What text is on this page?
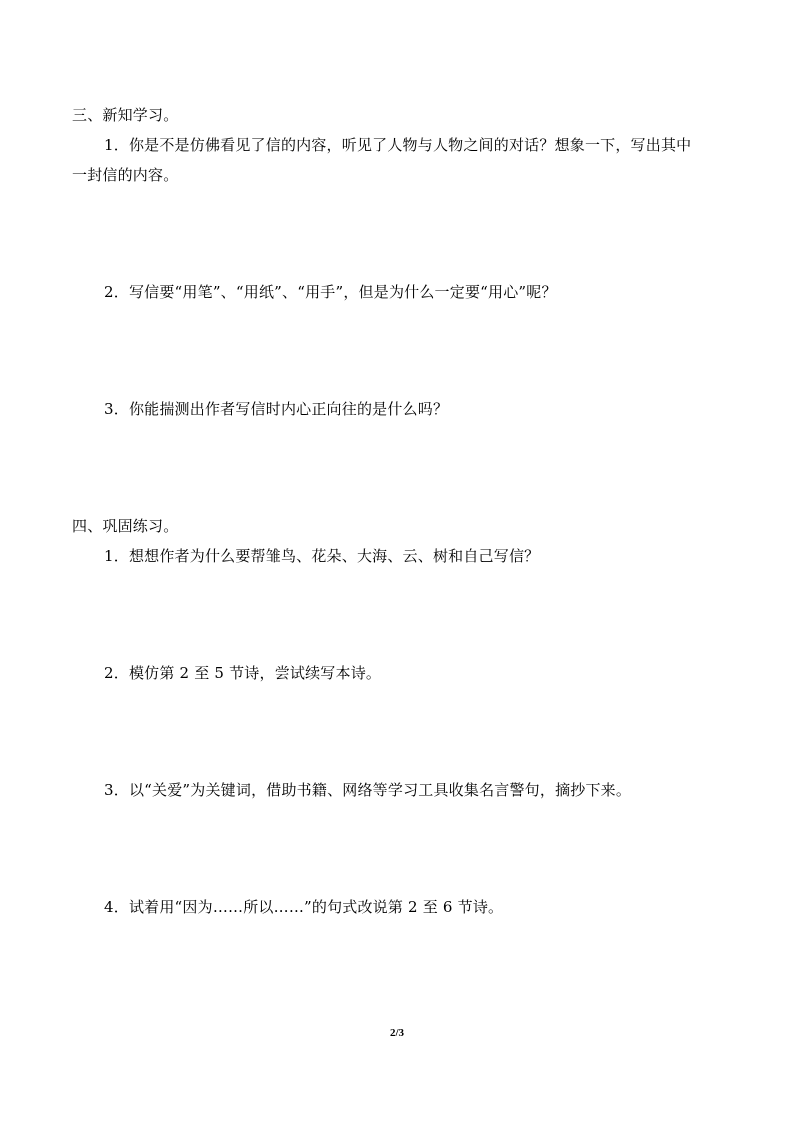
三、新知学习。
1．你是不是仿佛看见了信的内容，听见了人物与人物之间的对话？想象一下，写出其中
一封信的内容。
2．写信要“用笔”、“用纸”、“用手”，但是为什么一定要“用心”呢？
3．你能揣测出作者写信时内心正向往的是什么吗？
四、巩固练习。
1．想想作者为什么要帮雏鸟、花朵、大海、云、树和自己写信？
2．模仿第 2 至 5 节诗，尝试续写本诗。
3．以“关爱”为关键词，借助书籍、网络等学习工具收集名言警句，摘抄下来。
4．试着用“因为……所以……”的句式改说第 2 至 6 节诗。
2/3
